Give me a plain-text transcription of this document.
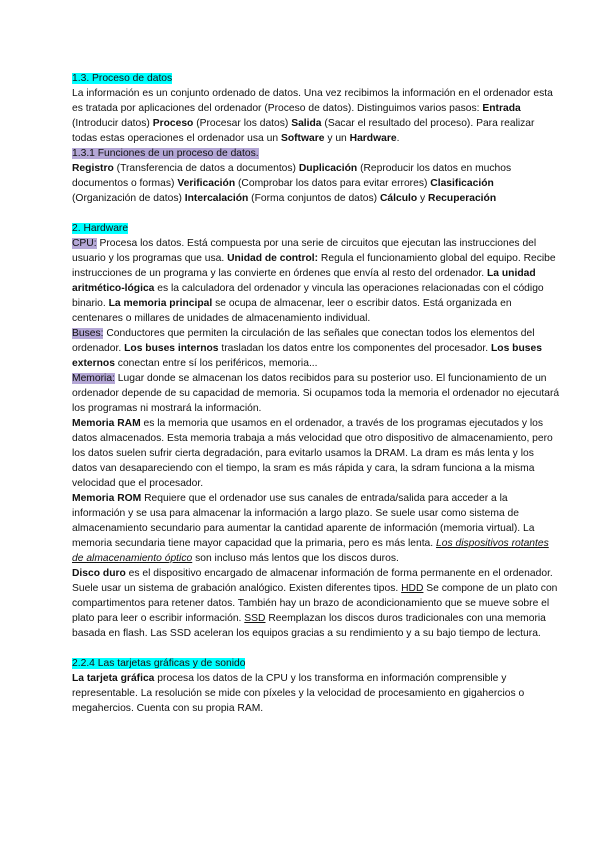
1.3. Proceso de datos

La información es un conjunto ordenado de datos. Una vez recibimos la información en el ordenador esta es tratada por aplicaciones del ordenador (Proceso de datos). Distinguimos varios pasos: Entrada (Introducir datos) Proceso (Procesar los datos) Salida (Sacar el resultado del proceso). Para realizar todas estas operaciones el ordenador usa un Software y un Hardware.

1.3.1 Funciones de un proceso de datos.

Registro (Transferencia de datos a documentos) Duplicación (Reproducir los datos en muchos documentos o formas) Verificación (Comprobar los datos para evitar errores) Clasificación (Organización de datos) Intercalación (Forma conjuntos de datos) Cálculo y Recuperación

2. Hardware

CPU: Procesa los datos. Está compuesta por una serie de circuitos que ejecutan las instrucciones del usuario y los programas que usa. Unidad de control: Regula el funcionamiento global del equipo. Recibe instrucciones de un programa y las convierte en órdenes que envía al resto del ordenador. La unidad aritmético-lógica es la calculadora del ordenador y vincula las operaciones relacionadas con el código binario. La memoria principal se ocupa de almacenar, leer o escribir datos. Está organizada en centenares o millares de unidades de almacenamiento individual.

Buses: Conductores que permiten la circulación de las señales que conectan todos los elementos del ordenador. Los buses internos trasladan los datos entre los componentes del procesador. Los buses externos conectan entre sí los periféricos, memoria...

Memoria: Lugar donde se almacenan los datos recibidos para su posterior uso. El funcionamiento de un ordenador depende de su capacidad de memoria. Si ocupamos toda la memoria el ordenador no ejecutará los programas ni mostrará la información.

Memoria RAM es la memoria que usamos en el ordenador, a través de los programas ejecutados y los datos almacenados. Esta memoria trabaja a más velocidad que otro dispositivo de almacenamiento, pero los datos suelen sufrir cierta degradación, para evitarlo usamos la DRAM. La dram es más lenta y los datos van desapareciendo con el tiempo, la sram es más rápida y cara, la sdram funciona a la misma velocidad que el procesador.

Memoria ROM Requiere que el ordenador use sus canales de entrada/salida para acceder a la información y se usa para almacenar la información a largo plazo. Se suele usar como sistema de almacenamiento secundario para aumentar la cantidad aparente de información (memoria virtual). La memoria secundaria tiene mayor capacidad que la primaria, pero es más lenta. Los dispositivos rotantes de almacenamiento óptico son incluso más lentos que los discos duros.

Disco duro es el dispositivo encargado de almacenar información de forma permanente en el ordenador. Suele usar un sistema de grabación analógico. Existen diferentes tipos. HDD Se compone de un plato con compartimentos para retener datos. También hay un brazo de acondicionamiento que se mueve sobre el plato para leer o escribir información. SSD Reemplazan los discos duros tradicionales con una memoria basada en flash. Las SSD aceleran los equipos gracias a su rendimiento y a su bajo tiempo de lectura.

2.2.4 Las tarjetas gráficas y de sonido

La tarjeta gráfica procesa los datos de la CPU y los transforma en información comprensible y representable. La resolución se mide con píxeles y la velocidad de procesamiento en gigahercios o megahercios. Cuenta con su propia RAM.
